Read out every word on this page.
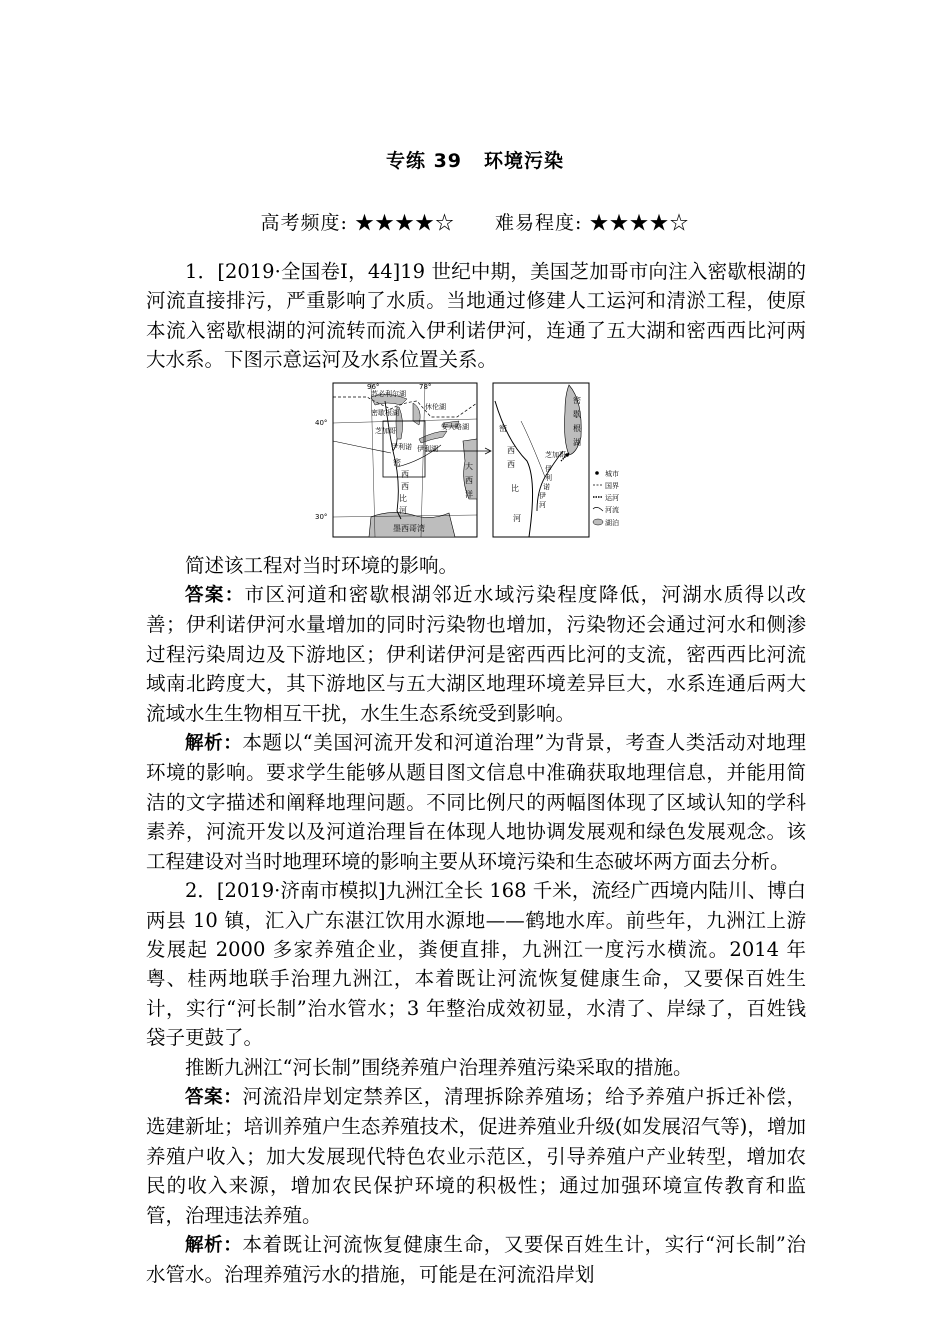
专练 39 环境污染
高考频度: ★★★★☆ 难易程度: ★★★★☆

1．[2019·全国卷Ⅰ，44]19 世纪中期，美国芝加哥市向注入密歇根湖的河流直接排污，严重影响了水质。当地通过修建人工运河和清淤工程，使原本流入密歇根湖的河流转而流入伊利诺伊河，连通了五大湖和密西西比河两大水系。下图示意运河及水系位置关系。

96°	78°
40°
30°
苏必利尔湖
休伦湖
密歇根湖
芝加哥
伊利湖
安大略湖
伊利诺
密
西
西
比
河
大
西
洋
墨西哥湾
密
歇
根
湖
芝加哥
密
西
西
比
河
伊
利
诺
伊
河
城市
国界
运河
河流
湖泊

简述该工程对当时环境的影响。

答案：市区河道和密歇根湖邻近水域污染程度降低，河湖水质得以改善；伊利诺伊河水量增加的同时污染物也增加，污染物还会通过河水和侧渗过程污染周边及下游地区；伊利诺伊河是密西西比河的支流，密西西比河流域南北跨度大，其下游地区与五大湖区地理环境差异巨大，水系连通后两大流域水生生物相互干扰，水生生态系统受到影响。

解析：本题以“美国河流开发和河道治理”为背景，考查人类活动对地理环境的影响。要求学生能够从题目图文信息中准确获取地理信息，并能用简洁的文字描述和阐释地理问题。不同比例尺的两幅图体现了区域认知的学科素养，河流开发以及河道治理旨在体现人地协调发展观和绿色发展观念。该工程建设对当时地理环境的影响主要从环境污染和生态破坏两方面去分析。

2．[2019·济南市模拟]九洲江全长 168 千米，流经广西境内陆川、博白两县 10 镇，汇入广东湛江饮用水源地——鹤地水库。前些年，九洲江上游发展起 2000 多家养殖企业，粪便直排，九洲江一度污水横流。2014 年粤、桂两地联手治理九洲江，本着既让河流恢复健康生命，又要保百姓生计，实行“河长制”治水管水；3 年整治成效初显，水清了、岸绿了，百姓钱袋子更鼓了。

推断九洲江“河长制”围绕养殖户治理养殖污染采取的措施。

答案：河流沿岸划定禁养区，清理拆除养殖场；给予养殖户拆迁补偿，选建新址；培训养殖户生态养殖技术，促进养殖业升级(如发展沼气等)，增加养殖户收入；加大发展现代特色农业示范区，引导养殖户产业转型，增加农民的收入来源，增加农民保护环境的积极性；通过加强环境宣传教育和监管，治理违法养殖。

解析：本着既让河流恢复健康生命，又要保百姓生计，实行“河长制”治水管水。治理养殖污水的措施，可能是在河流沿岸划
